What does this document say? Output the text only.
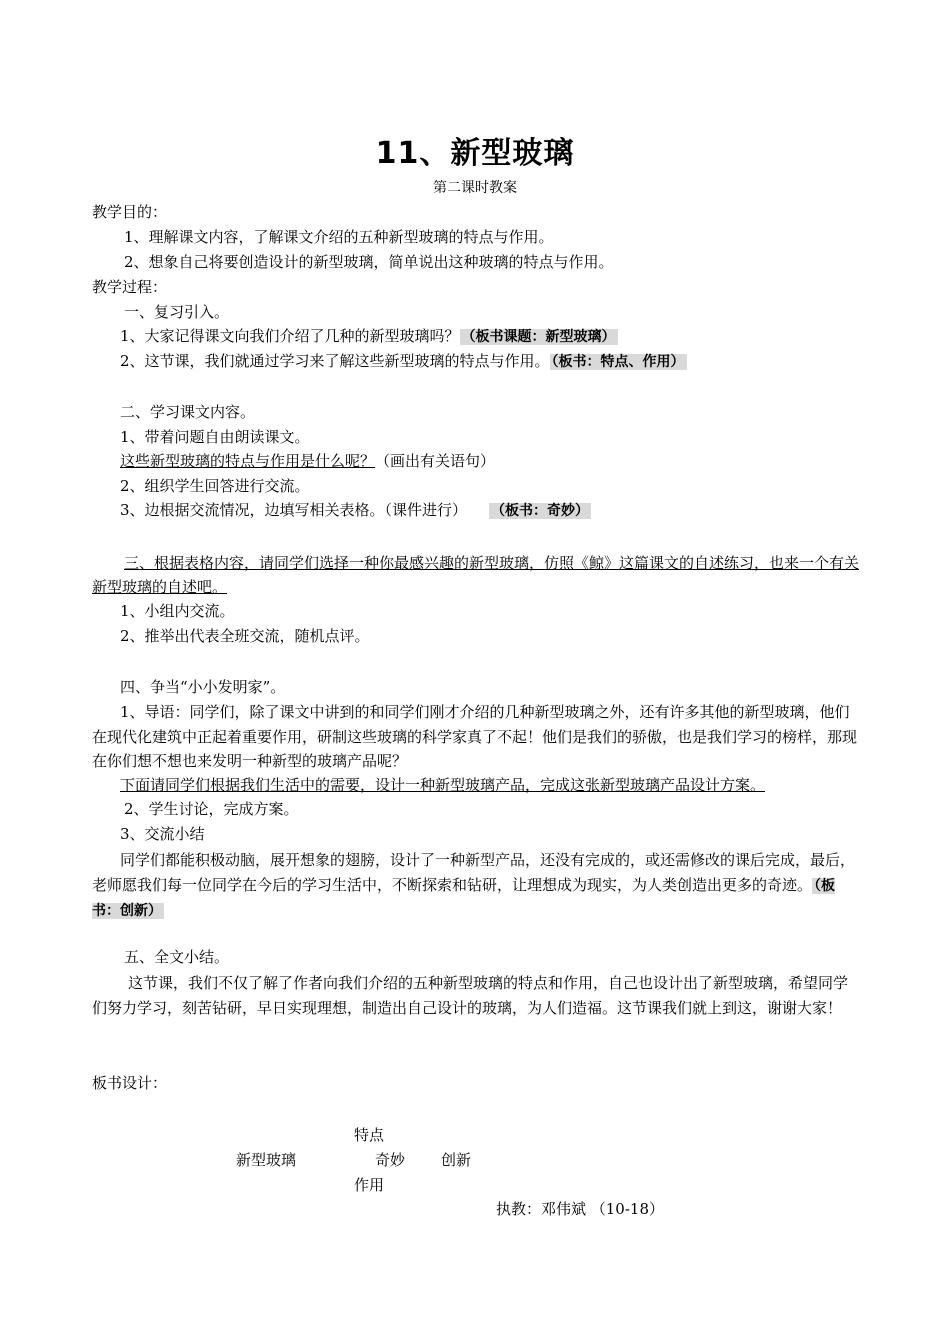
11、新型玻璃
第二课时教案
教学目的：
1、理解课文内容，了解课文介绍的五种新型玻璃的特点与作用。
2、想象自己将要创造设计的新型玻璃，简单说出这种玻璃的特点与作用。
教学过程：
一、复习引入。
1、大家记得课文向我们介绍了几种的新型玻璃吗？ （板书课题：新型玻璃）
2、这节课，我们就通过学习来了解这些新型玻璃的特点与作用。 （板书：特点、作用）
二、学习课文内容。
1、带着问题自由朗读课文。
这些新型玻璃的特点与作用是什么呢？（画出有关语句）
2、组织学生回答进行交流。
3、边根据交流情况，边填写相关表格。（课件进行） （板书：奇妙）
三、根据表格内容，请同学们选择一种你最感兴趣的新型玻璃，仿照《鲸》这篇课文的自述练习，也来一个有关新型玻璃的自述吧。
1、小组内交流。
2、推举出代表全班交流，随机点评。
四、争当“小小发明家”。
1、导语：同学们，除了课文中讲到的和同学们刚才介绍的几种新型玻璃之外，还有许多其他的新型玻璃，他们在现代化建筑中正起着重要作用，研制这些玻璃的科学家真了不起！他们是我们的骄傲，也是我们学习的榜样，那现在你们想不想也来发明一种新型的玻璃产品呢？
下面请同学们根据我们生活中的需要，设计一种新型玻璃产品，完成这张新型玻璃产品设计方案。
2、学生讨论，完成方案。
3、交流小结
同学们都能积极动脑，展开想象的翅膀，设计了一种新型产品，还没有完成的，或还需修改的课后完成，最后，老师愿我们每一位同学在今后的学习生活中，不断探索和钻研，让理想成为现实，为人类创造出更多的奇迹。 （板书：创新）
五、全文小结。
这节课，我们不仅了解了作者向我们介绍的五种新型玻璃的特点和作用，自己也设计出了新型玻璃，希望同学们努力学习，刻苦钻研，早日实现理想，制造出自己设计的玻璃，为人们造福。这节课我们就上到这，谢谢大家！
板书设计：
特点
新型玻璃	奇妙 创新
作用
执教：邓伟斌 （10-18）
